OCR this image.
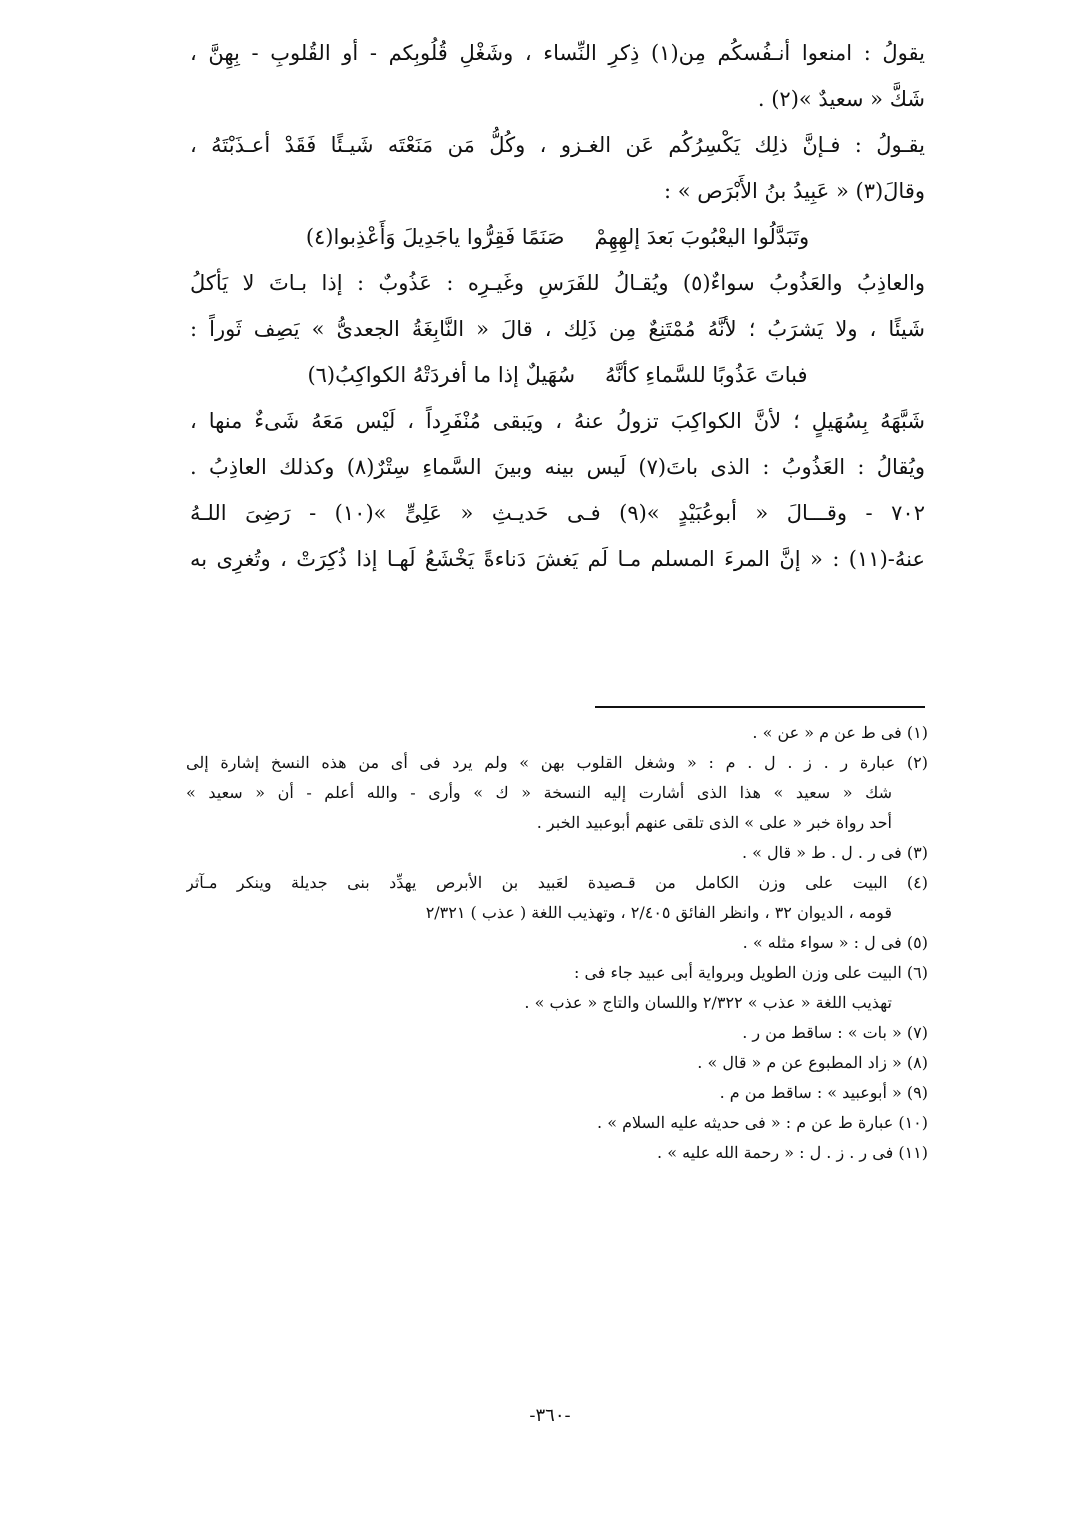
يقولُ : امنعوا أنـفُسكُم مِن(١) ذِكرِ النِّساء ، وشَغْلِ قُلُوبِكم - أو القُلوبِ - بِهِنَّ ،
شَكَّ « سعيدٌ »(٢) .
يقـولُ : فـإنَّ ذلِك يَكْسِرُكُم عَن الغـزو ، وكُلُّ مَن مَنَعْتَه شَيـئًا فَقَدْ أعـذَبْتَهُ ،
وقالَ(٣) « عَبِيدُ بنُ الأَبْرَص » :
وتَبَدَّلُوا اليعْبُوبَ بَعدَ إلهِهِمْ
صَنَمًا فَقِرُّوا ياجَدِيلَ وَأَعْذِبوا(٤)
والعاذِبُ والعَذُوبُ سواءٌ(٥) ويُقـالُ للفَرَسِ وغَيـرِه : عَذُوبٌ : إذا بـاتَ لا يَأكلُ
شَيئًا ، ولا يَشرَبُ ؛ لأنَّهُ مُمْتَنِعٌ مِن ذَلِك ، قالَ « النَّابِغَةُ الجعدىُّ » يَصِف ثَوراً :
فباتَ عَذُوبًا للسَّماءِ كأنَّهُ
سُهَيلٌ إذا ما أفردَتْهُ الكواكِبُ(٦)
شَبَّهَهُ بِسُهَيلٍ ؛ لأنَّ الكواكِبَ تزولُ عنهُ ، ويَبقى مُنْفَرِداً ، لَيْس مَعَهُ شَىءٌ منها ،
ويُقالُ : العَذُوبُ : الذى باتَ(٧) لَيس بينه وبينَ السَّماءِ سِتْرٌ(٨) وكذلك العاذِبُ .
٧٠٢ - وقـــالَ « أبوعُبَيْدٍ »(٩) فـى حَديـثِ « عَلِىٍّ »(١٠) - رَضِىَ اللـهُ
عنهُ-(١١) : « إنَّ المرءَ المسلم مـا لَم يَغشَ دَناءةً يَخْشَعُ لَهـا إذا ذُكِرَتْ ، وتُغرِى به
(١) فى ط عن م « عن » .
(٢) عبارة ر . ز . ل . م : « وشغل القلوب بهن » ولم يرد فى أى من هذه النسخ إشارة إلى
شك « سعيد » هذا الذى أشارت إليه النسخة « ك » وأرى - والله أعلم - أن « سعيد »
أحد رواة خبر « على » الذى تلقى عنهم أبوعبيد الخبر .
(٣) فى ر . ل . ط « قال » .
(٤) البيت على وزن الكامل من قـصيدة لعَبيد بن الأبرص يهدِّد بنى جديلة وينكر مـآثر
قومه ، الديوان ٣٢ ، وانظر الفائق ٢/٤٠٥ ، وتهذيب اللغة ( عذب ) ٢/٣٢١
(٥) فى ل : « سواء مثله » .
(٦) البيت على وزن الطويل وبرواية أبى عبيد جاء فى :
تهذيب اللغة « عذب » ٢/٣٢٢ واللسان والتاج « عذب » .
(٧) « بات » : ساقط من ر .
(٨) « زاد المطبوع عن م « قال » .
(٩) « أبوعبيد » : ساقط من م .
(١٠) عبارة ط عن م : « فى حديثه عليه السلام » .
(١١) فى ر . ز . ل : « رحمة الله عليه » .
-٣٦٠-
